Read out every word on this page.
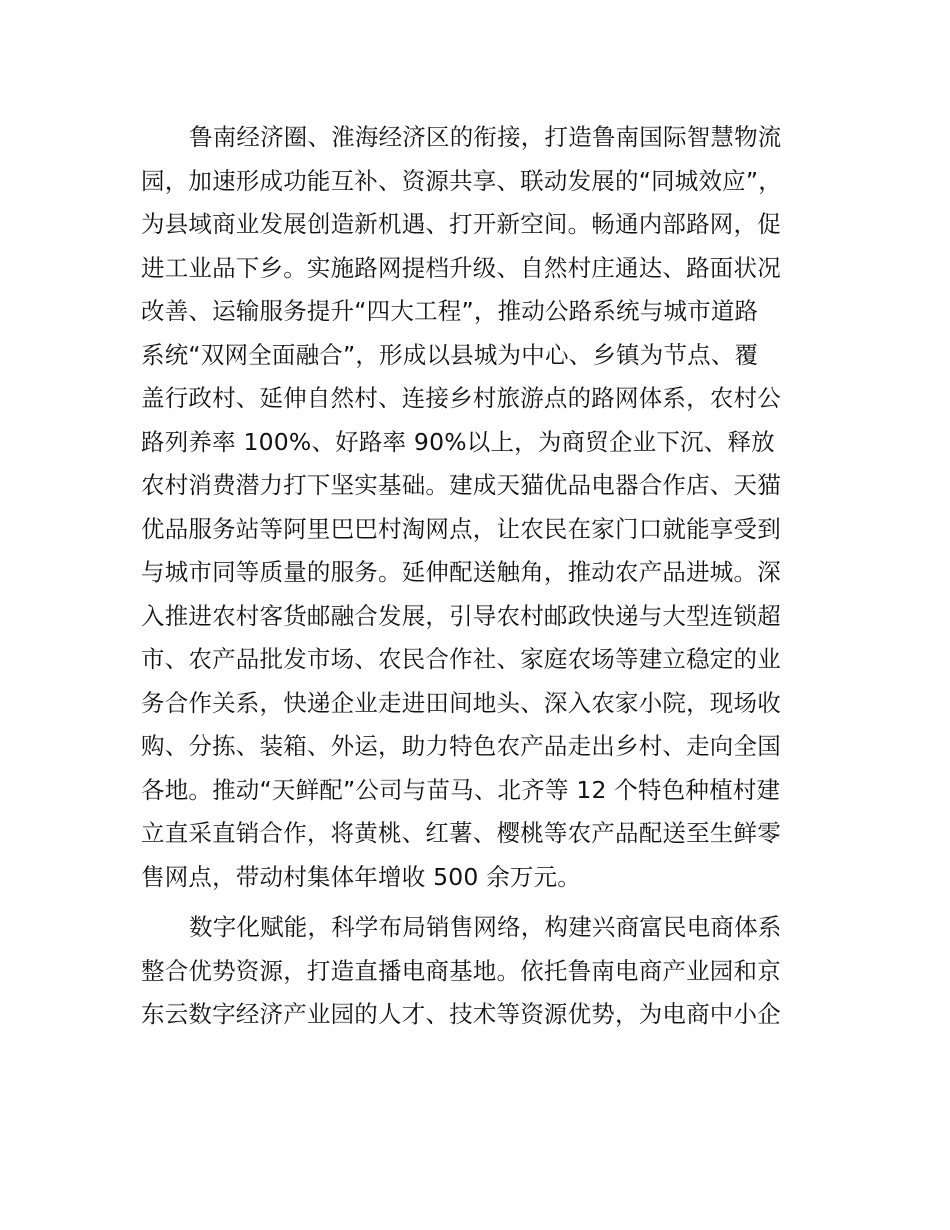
鲁南经济圈、淮海经济区的衔接，打造鲁南国际智慧物流
园，加速形成功能互补、资源共享、联动发展的“同城效应”，
为县域商业发展创造新机遇、打开新空间。畅通内部路网，促
进工业品下乡。实施路网提档升级、自然村庄通达、路面状况
改善、运输服务提升“四大工程”，推动公路系统与城市道路
系统“双网全面融合”，形成以县城为中心、乡镇为节点、覆
盖行政村、延伸自然村、连接乡村旅游点的路网体系，农村公
路列养率 100%、好路率 90%以上，为商贸企业下沉、释放
农村消费潜力打下坚实基础。建成天猫优品电器合作店、天猫
优品服务站等阿里巴巴村淘网点，让农民在家门口就能享受到
与城市同等质量的服务。延伸配送触角，推动农产品进城。深
入推进农村客货邮融合发展，引导农村邮政快递与大型连锁超
市、农产品批发市场、农民合作社、家庭农场等建立稳定的业
务合作关系，快递企业走进田间地头、深入农家小院，现场收
购、分拣、装箱、外运，助力特色农产品走出乡村、走向全国
各地。推动“天鲜配”公司与苗马、北齐等 12 个特色种植村建
立直采直销合作，将黄桃、红薯、樱桃等农产品配送至生鲜零
售网点，带动村集体年增收 500 余万元。
数字化赋能，科学布局销售网络，构建兴商富民电商体系
整合优势资源，打造直播电商基地。依托鲁南电商产业园和京
东云数字经济产业园的人才、技术等资源优势，为电商中小企
